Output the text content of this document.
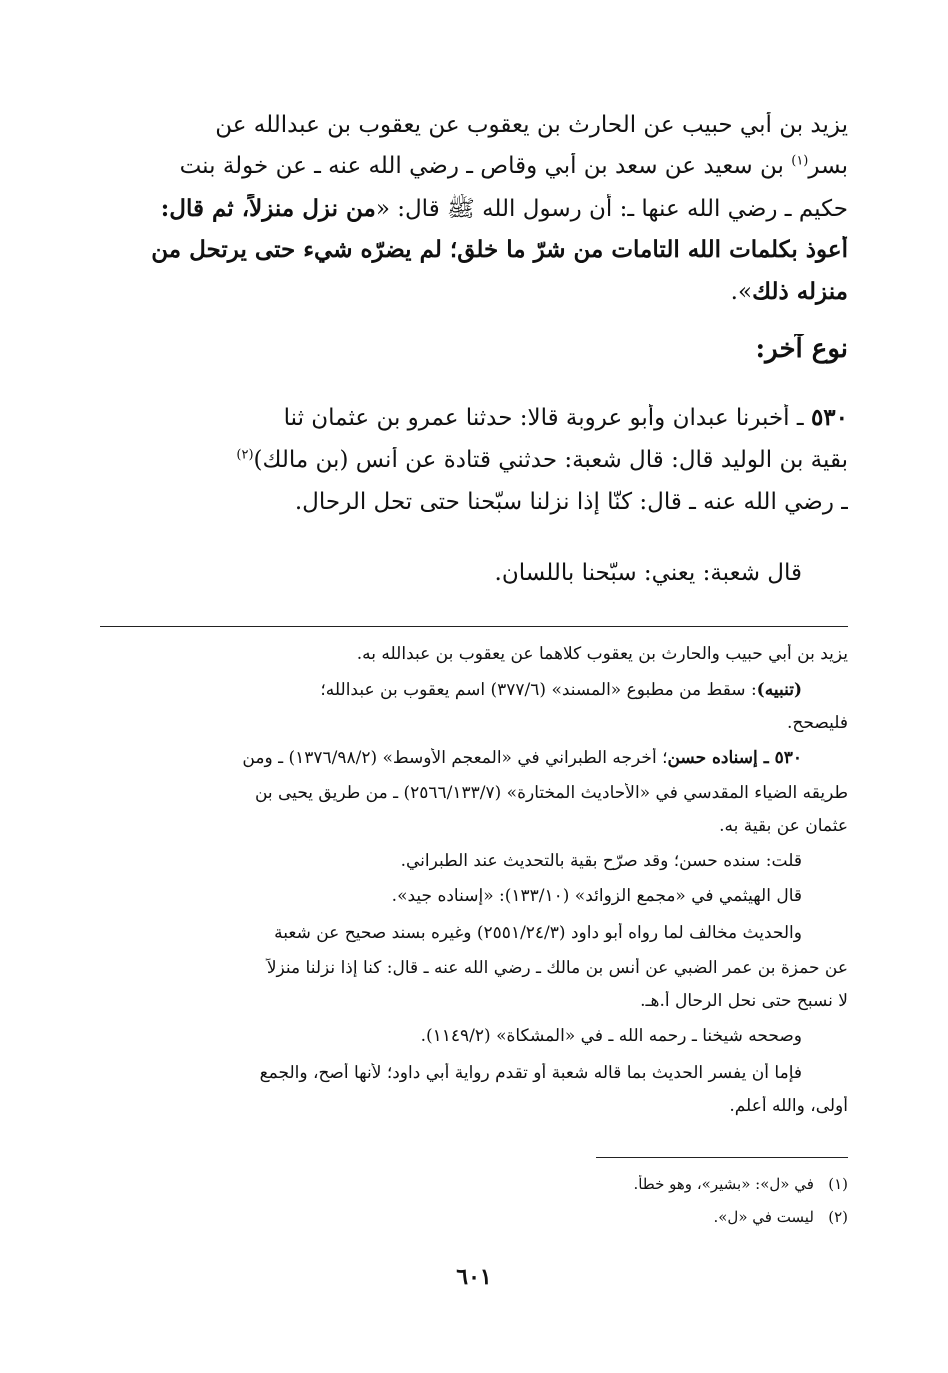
يزيد بن أبي حبيب عن الحارث بن يعقوب عن يعقوب بن عبدالله عن
بسر$^{(١)}$ بن سعيد عن سعد بن أبي وقاص ـ رضي الله عنه ـ عن خولة بنت
حكيم ـ رضي الله عنها ـ: أن رسول الله ﷺ قال: «من نزل منزلاً، ثم قال:
أعوذ بكلمات الله التامات من شرّ ما خلق؛ لم يضرّه شيء حتى يرتحل من
منزله ذلك».
نوع آخر:
٥٣٠ ـ أخبرنا عبدان وأبو عروبة قالا: حدثنا عمرو بن عثمان ثنا
بقية بن الوليد قال: قال شعبة: حدثني قتادة عن أنس (بن مالك)$^{(٢)}$
ـ رضي الله عنه ـ قال: كنّا إذا نزلنا سبّحنا حتى تحل الرحال.
قال شعبة: يعني: سبّحنا باللسان.
يزيد بن أبي حبيب والحارث بن يعقوب كلاهما عن يعقوب بن عبدالله به.
(تنبيه): سقط من مطبوع «المسند» (٣٧٧/٦) اسم يعقوب بن عبدالله؛
فليصحح.
٥٣٠ ـ إسناده حسن؛ أخرجه الطبراني في «المعجم الأوسط» (١٣٧٦/٩٨/٢) ـ ومن
طريقه الضياء المقدسي في «الأحاديث المختارة» (٢٥٦٦/١٣٣/٧) ـ من طريق يحيى بن
عثمان عن بقية به.
قلت: سنده حسن؛ وقد صرّح بقية بالتحديث عند الطبراني.
قال الهيثمي في «مجمع الزوائد» (١٣٣/١٠): «إسناده جيد».
والحديث مخالف لما رواه أبو داود (٢٥٥١/٢٤/٣) وغيره بسند صحيح عن شعبة
عن حمزة بن عمر الضبي عن أنس بن مالك ـ رضي الله عنه ـ قال: كنا إذا نزلنا منزلاً
لا نسبح حتى نحل الرحال أ.هـ.
وصححه شيخنا ـ رحمه الله ـ في «المشكاة» (١١٤٩/٢).
فإما أن يفسر الحديث بما قاله شعبة أو تقدم رواية أبي داود؛ لأنها أصح، والجمع
أولى، والله أعلم.
(١)   في «ل»: «بشير»، وهو خطأ.
(٢)   ليست في «ل».
٦٠١
